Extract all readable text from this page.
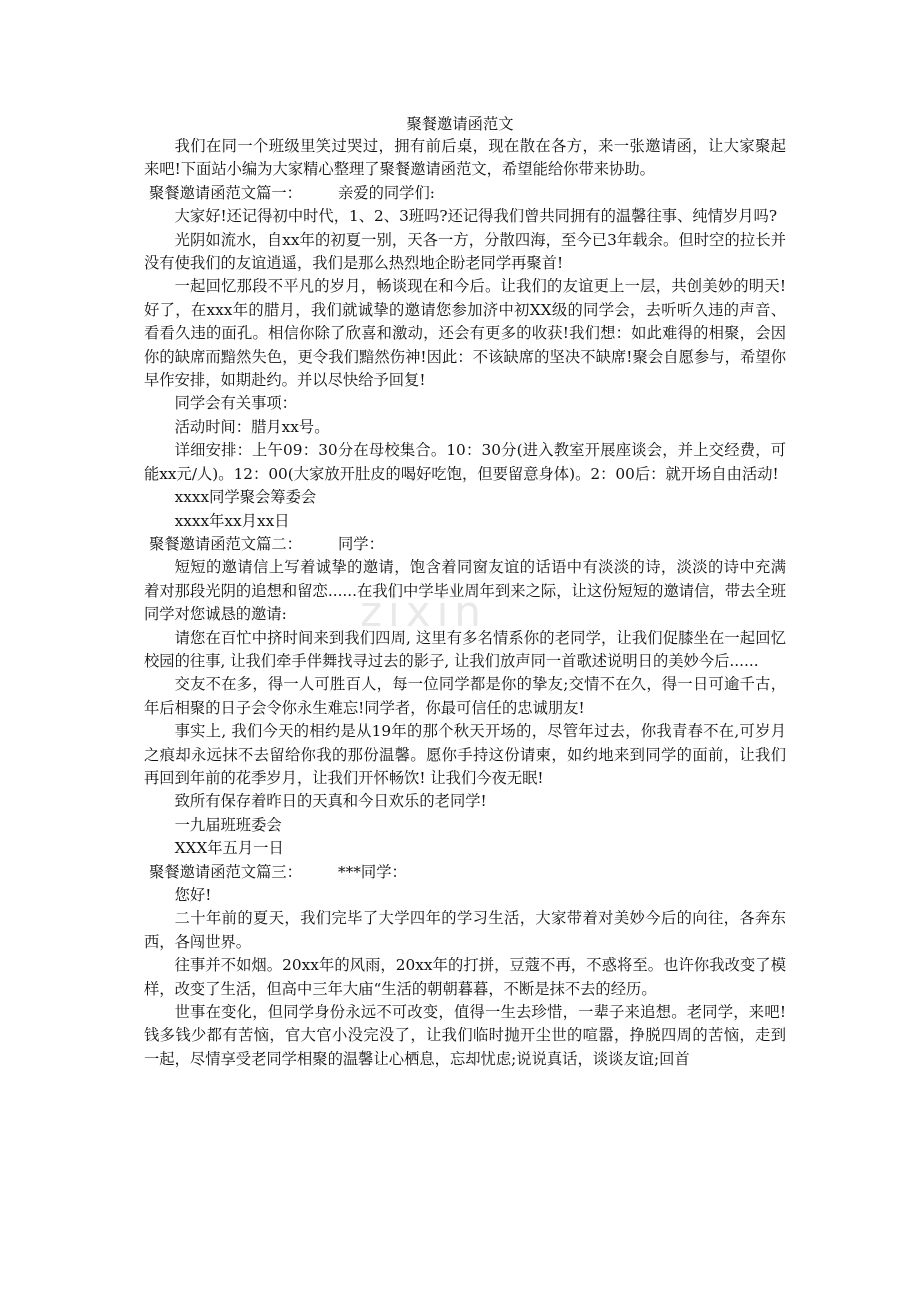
zixin
聚餐邀请函范文

我们在同一个班级里笑过哭过，拥有前后桌，现在散在各方，来一张邀请函，让大家聚起来吧!下面站小编为大家精心整理了聚餐邀请函范文，希望能给你带来协助。

聚餐邀请函范文篇一： 亲爱的同学们:

大家好!还记得初中时代，1、2、3班吗?还记得我们曾共同拥有的温馨往事、纯情岁月吗?

光阴如流水，自xx年的初夏一别，天各一方，分散四海，至今已3年载余。但时空的拉长并没有使我们的友谊逍遥，我们是那么热烈地企盼老同学再聚首!

一起回忆那段不平凡的岁月，畅谈现在和今后。让我们的友谊更上一层，共创美妙的明天!好了，在xxx年的腊月，我们就诚挚的邀请您参加济中初XX级的同学会，去听听久违的声音、看看久违的面孔。相信你除了欣喜和激动，还会有更多的收获!我们想：如此难得的相聚，会因你的缺席而黯然失色，更令我们黯然伤神!因此：不该缺席的坚决不缺席!聚会自愿参与，希望你早作安排，如期赴约。并以尽快给予回复!

同学会有关事项：

活动时间：腊月xx号。

详细安排：上午09：30分在母校集合。10：30分(进入教室开展座谈会，并上交经费，可能xx元/人)。12：00(大家放开肚皮的喝好吃饱，但要留意身体)。2：00后：就开场自由活动!

xxxx同学聚会筹委会

xxxx年xx月xx日

聚餐邀请函范文篇二： 同学：

短短的邀请信上写着诚挚的邀请，饱含着同窗友谊的话语中有淡淡的诗，淡淡的诗中充满着对那段光阴的追想和留恋......在我们中学毕业周年到来之际，让这份短短的邀请信，带去全班同学对您诚恳的邀请:

请您在百忙中挤时间来到我们四周, 这里有多名情系你的老同学，让我们促膝坐在一起回忆校园的往事, 让我们牵手伴舞找寻过去的影子, 让我们放声同一首歌述说明日的美妙今后......

交友不在多，得一人可胜百人，每一位同学都是你的挚友;交情不在久，得一日可逾千古，年后相聚的日子会令你永生难忘!同学者，你最可信任的忠诚朋友!

事实上, 我们今天的相约是从19年的那个秋天开场的，尽管年过去，你我青春不在,可岁月之痕却永远抹不去留给你我的那份温馨。愿你手持这份请柬，如约地来到同学的面前，让我们再回到年前的花季岁月，让我们开怀畅饮! 让我们今夜无眠!

致所有保存着昨日的天真和今日欢乐的老同学!

一九届班班委会

XXX年五月一日

聚餐邀请函范文篇三： ***同学：

您好!

二十年前的夏天，我们完毕了大学四年的学习生活，大家带着对美妙今后的向往，各奔东西，各闯世界。

往事并不如烟。20xx年的风雨，20xx年的打拼，豆蔻不再，不惑将至。也许你我改变了模样，改变了生活，但高中三年大庙“生活的朝朝暮暮，不断是抹不去的经历。

世事在变化，但同学身份永远不可改变，值得一生去珍惜，一辈子来追想。老同学，来吧!钱多钱少都有苦恼，官大官小没完没了，让我们临时抛开尘世的喧嚣，挣脱四周的苦恼，走到一起，尽情享受老同学相聚的温馨让心栖息，忘却忧虑;说说真话，谈谈友谊;回首
